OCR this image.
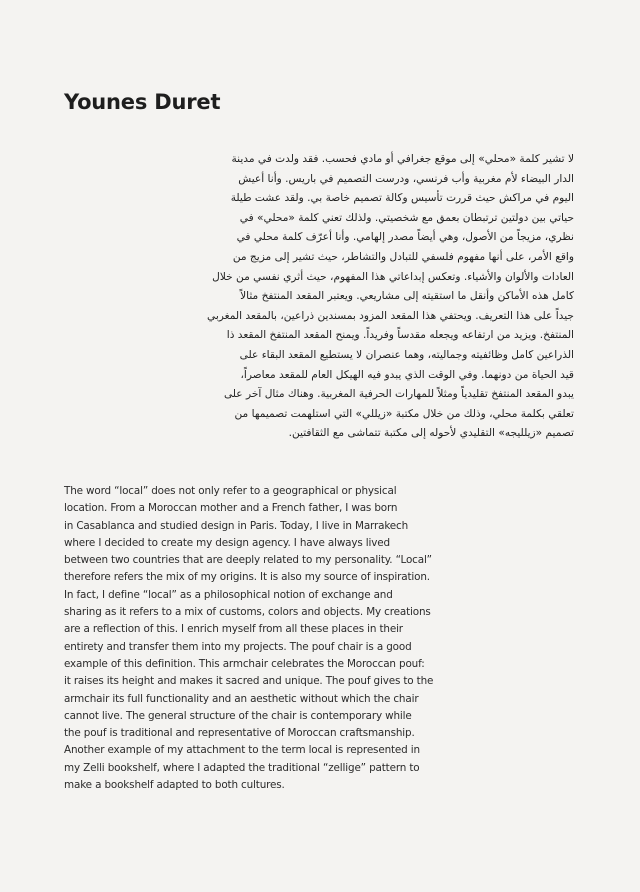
Younes Duret
لا تشير كلمة «محلي» إلى موقع جغرافي أو مادي فحسب. فقد ولدت في مدينة
الدار البيضاء لأم مغربية وأب فرنسي، ودرست التصميم في باريس. وأنا أعيش
اليوم في مراكش حيث قررت تأسيس وكالة تصميم خاصة بي. ولقد عشت طيلة
حياتي بين دولتين ترتبطان بعمق مع شخصيتي. ولذلك تعني كلمة «محلي» في
نظري، مزيجاً من الأصول، وهي أيضاً مصدر إلهامي. وأنا أعرّف كلمة محلي في
واقع الأمر، على أنها مفهوم فلسفي للتبادل والتشاطر، حيث تشير إلى مزيج من
العادات والألوان والأشياء. وتعكس إبداعاتي هذا المفهوم، حيث أثري نفسي من خلال
كامل هذه الأماكن وأنقل ما استقيته إلى مشاريعي. ويعتبر المقعد المنتفخ مثالاً
جيداً على هذا التعريف. ويحتفي هذا المقعد المزود بمسندين ذراعين، بالمقعد المغربي
المنتفخ. ويزيد من ارتفاعه ويجعله مقدساً وفريداً. ويمنح المقعد المنتفخ المقعد ذا
الذراعين كامل وظائفيته وجماليته، وهما عنصران لا يستطيع المقعد البقاء على
قيد الحياة من دونهما. وفي الوقت الذي يبدو فيه الهيكل العام للمقعد معاصراً،
يبدو المقعد المنتفخ تقليدياً ومثلاً للمهارات الحرفية المغربية. وهناك مثال آخر على
تعلقي بكلمة محلي، وذلك من خلال مكتبة «زيللي» التي استلهمت تصميمها من
تصميم «زيلليجه» التقليدي لأحوله إلى مكتبة تتماشى مع الثقافتين.
The word “local” does not only refer to a geographical or physical
location. From a Moroccan mother and a French father, I was born
in Casablanca and studied design in Paris. Today, I live in Marrakech
where I decided to create my design agency. I have always lived
between two countries that are deeply related to my personality. “Local”
therefore refers the mix of my origins. It is also my source of inspiration.
In fact, I define “local” as a philosophical notion of exchange and
sharing as it refers to a mix of customs, colors and objects. My creations
are a reflection of this. I enrich myself from all these places in their
entirety and transfer them into my projects. The pouf chair is a good
example of this definition. This armchair celebrates the Moroccan pouf:
it raises its height and makes it sacred and unique. The pouf gives to the
armchair its full functionality and an aesthetic without which the chair
cannot live. The general structure of the chair is contemporary while
the pouf is traditional and representative of Moroccan craftsmanship.
Another example of my attachment to the term local is represented in
my Zelli bookshelf, where I adapted the traditional “zellige” pattern to
make a bookshelf adapted to both cultures.
